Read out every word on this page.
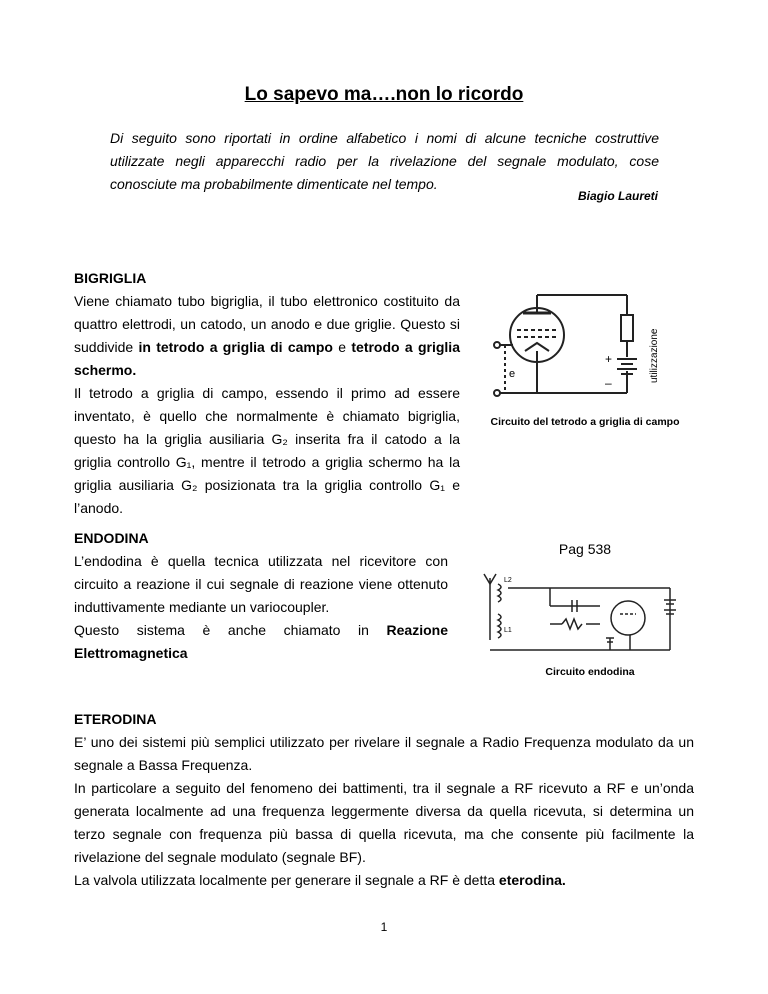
Lo sapevo ma….non lo ricordo
Di seguito sono riportati in ordine alfabetico i nomi di alcune tecniche costruttive utilizzate negli apparecchi radio per la rivelazione del segnale modulato, cose conosciute ma probabilmente dimenticate nel tempo.
Biagio Laureti
BIGRIGLIA

Viene chiamato tubo bigriglia, il tubo elettronico costituito da quattro elettrodi, un catodo, un anodo e due griglie. Questo si suddivide in tetrodo a griglia di campo e tetrodo a griglia schermo.

Il tetrodo a griglia di campo, essendo il primo ad essere inventato, è quello che normalmente è chiamato bigriglia, questo ha la griglia ausiliaria G₂ inserita fra il catodo a la griglia controllo G₁, mentre il tetrodo a griglia schermo ha la griglia ausiliaria G₂ posizionata tra la griglia controllo G₁ e l’anodo.

e
+
–	utilizzazione
Circuito del tetrodo a griglia di campo
ENDODINA

L’endodina è quella tecnica utilizzata nel ricevitore con circuito a reazione il cui segnale di reazione viene ottenuto induttivamente mediante un variocoupler.

Questo sistema è anche chiamato in Reazione Elettromagnetica

Pag 538
L2
L1
Circuito endodina
ETERODINA

E’ uno dei sistemi più semplici utilizzato per rivelare il segnale a Radio Frequenza modulato da un segnale a Bassa Frequenza.

In particolare a seguito del fenomeno dei battimenti, tra il segnale a RF ricevuto a RF e un’onda generata localmente ad una frequenza leggermente diversa da quella ricevuta, si determina un terzo segnale con frequenza più bassa di quella ricevuta, ma che consente più facilmente la rivelazione del segnale modulato (segnale BF).

La valvola utilizzata localmente per generare il segnale a RF è detta eterodina.

1
